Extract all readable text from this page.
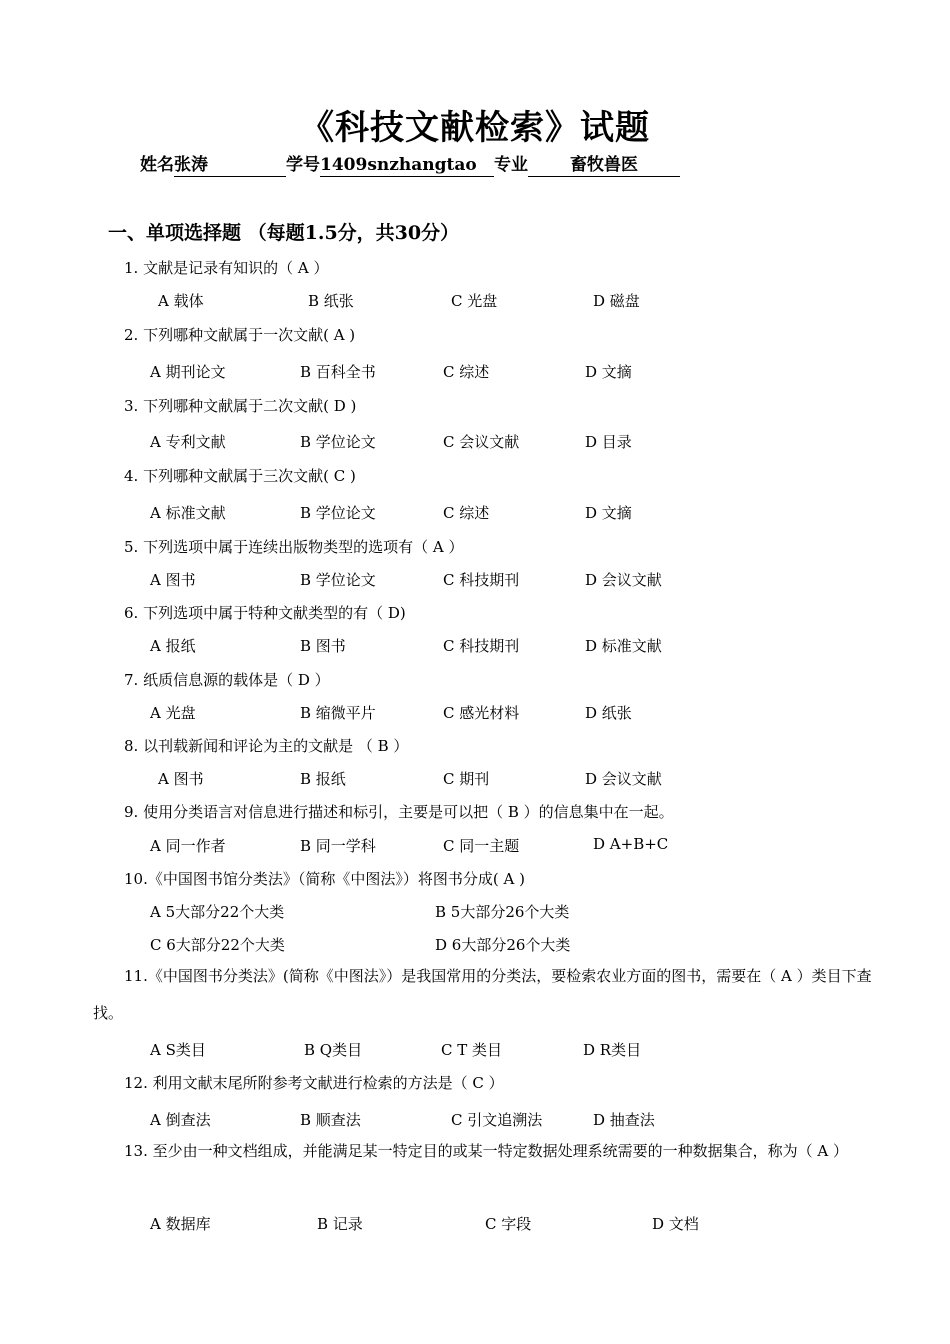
《科技文献检索》试题
姓名张涛	学号1409snzhangtao 专业 畜牧兽医
一、单项选择题 （每题1.5分，共30分）
1. 文献是记录有知识的（ A ）
A 载体	B 纸张	C 光盘	D 磁盘
2. 下列哪种文献属于一次文献( A )
A 期刊论文	B 百科全书	C 综述	D 文摘
3. 下列哪种文献属于二次文献( D )
A 专利文献	B 学位论文	C 会议文献	D 目录
4. 下列哪种文献属于三次文献( C )
A 标准文献	B 学位论文	C 综述	D 文摘
5. 下列选项中属于连续出版物类型的选项有（ A ）
A 图书	B 学位论文	C 科技期刊	D 会议文献
6. 下列选项中属于特种文献类型的有（ D)
A 报纸	B 图书	C 科技期刊	D 标准文献
7. 纸质信息源的载体是（ D ）
A 光盘	B 缩微平片	C 感光材料	D 纸张
8. 以刊载新闻和评论为主的文献是 （ B ）
A 图书	B 报纸	C 期刊	D 会议文献
9. 使用分类语言对信息进行描述和标引，主要是可以把（ B ）的信息集中在一起。
A 同一作者	B 同一学科	C 同一主题	D A+B+C
10.《中国图书馆分类法》（简称《中图法》）将图书分成( A )
A 5大部分22个大类	B 5大部分26个大类
C 6大部分22个大类	D 6大部分26个大类
11.《中国图书分类法》(简称《中图法》）是我国常用的分类法，要检索农业方面的图书，需要在（ A ）类目下查找。
A S类目	B Q类目	C T 类目	D R类目
12. 利用文献末尾所附参考文献进行检索的方法是（ C ）
A 倒查法	B 顺查法	C 引文追溯法	D 抽查法
13. 至少由一种文档组成，并能满足某一特定目的或某一特定数据处理系统需要的一种数据集合，称为（ A ）
A 数据库	B 记录	C 字段	D 文档
